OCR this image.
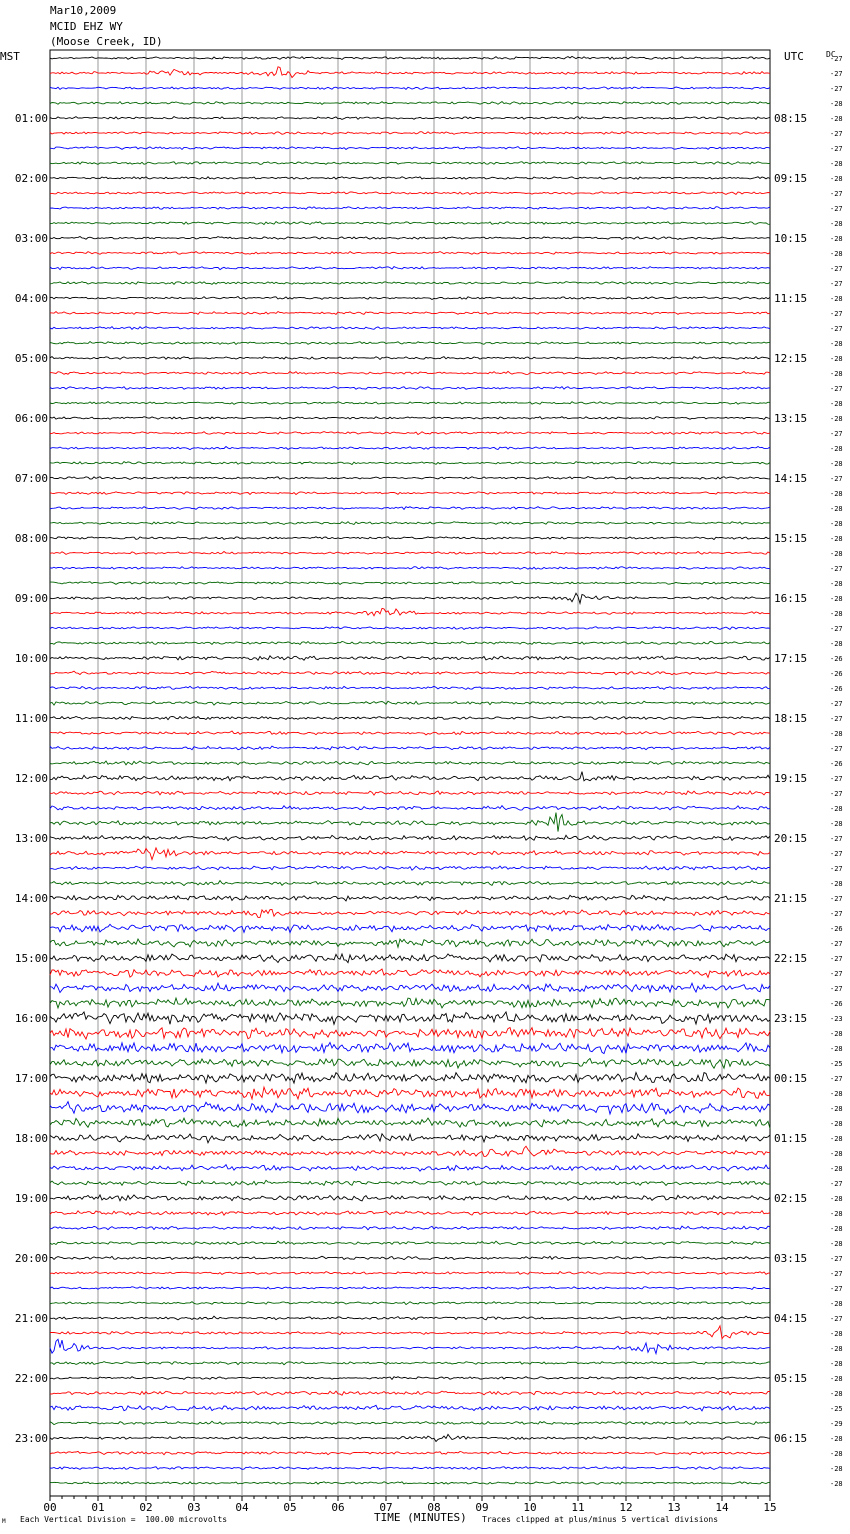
Mar10,2009
MCID EHZ WY
(Moose Creek, ID)
MST	UTC	DC
-27
-27
-27
-28
-28
-27
-27
-28
-28
-27
-27
-28
-28
-28
-27
-27
-28
-27
-27
-28
-28
-28
-27
-28
-28
-27
-28
-28
-27
-28
-28
-28
-28
-28
-27
-28
-28
-28
-27
-28
-26
-26
-26
-27
-27
-28
-27
-26
-27
-27
-28
-28
-27
-27
-27
-28
-27
-27
-26
-27
-27
-27
-27
-26
-23
-28
-28
-25
-27
-28
-28
-28
-28
-28
-28
-27
-28
-28
-28
-28
-27
-27
-27
-28
-27
-28
-28
-28
-28
-28
-25
-29
-28
-28
-28
-28
01:00	08:15
02:00	09:15
03:00	10:15
04:00	11:15
05:00	12:15
06:00	13:15
07:00	14:15
08:00	15:15
09:00	16:15
10:00	17:15
11:00	18:15
12:00	19:15
13:00	20:15
14:00	21:15
15:00	22:15
16:00	23:15
17:00	00:15
18:00	01:15
19:00	02:15
20:00	03:15
21:00	04:15
22:00	05:15
23:00	06:15
00	01	02	03	04	05	06	07	08	09	10	11	12	13	14	15
TIME (MINUTES)
M Each Vertical Division =  100.00 microvolts	Traces clipped at plus/minus 5 vertical divisions
